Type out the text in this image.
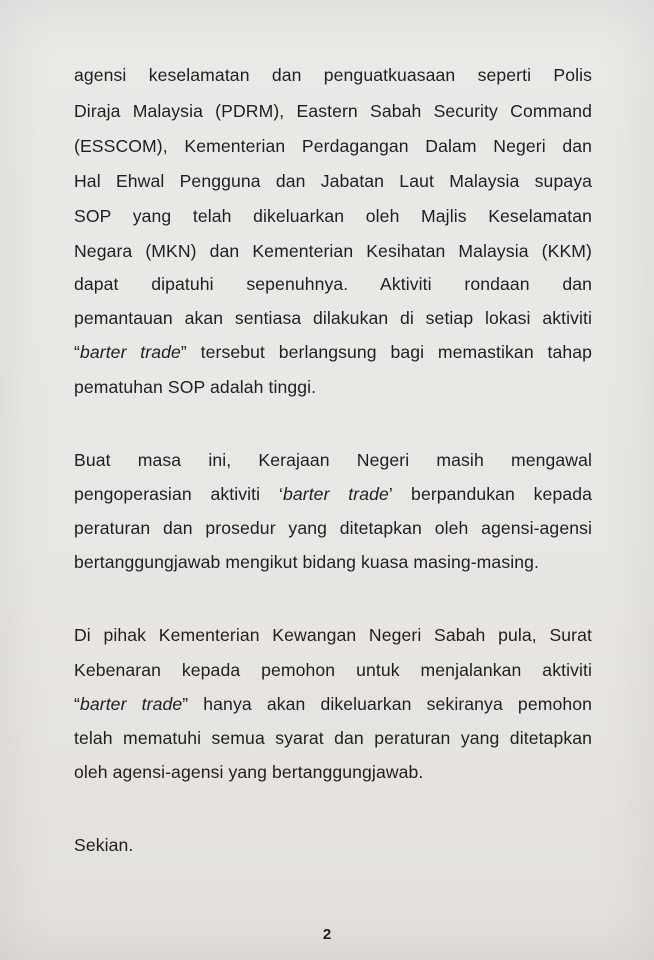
agensi keselamatan dan penguatkuasaan seperti Polis
Diraja Malaysia (PDRM), Eastern Sabah Security Command
(ESSCOM), Kementerian Perdagangan Dalam Negeri dan
Hal Ehwal Pengguna dan Jabatan Laut Malaysia supaya
SOP yang telah dikeluarkan oleh Majlis Keselamatan
Negara (MKN) dan Kementerian Kesihatan Malaysia (KKM)
dapat dipatuhi sepenuhnya. Aktiviti rondaan dan
pemantauan akan sentiasa dilakukan di setiap lokasi aktiviti
“barter trade” tersebut berlangsung bagi memastikan tahap
pematuhan SOP adalah tinggi.
Buat masa ini, Kerajaan Negeri masih mengawal
pengoperasian aktiviti ‘barter trade’ berpandukan kepada
peraturan dan prosedur yang ditetapkan oleh agensi-agensi
bertanggungjawab mengikut bidang kuasa masing-masing.
Di pihak Kementerian Kewangan Negeri Sabah pula, Surat
Kebenaran kepada pemohon untuk menjalankan aktiviti
“barter trade” hanya akan dikeluarkan sekiranya pemohon
telah mematuhi semua syarat dan peraturan yang ditetapkan
oleh agensi-agensi yang bertanggungjawab.
Sekian.
2
